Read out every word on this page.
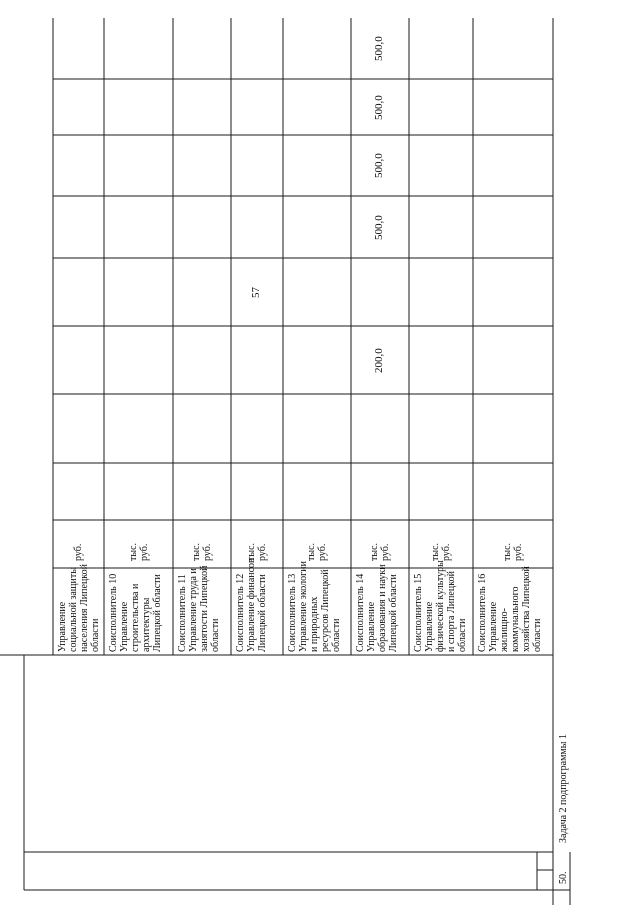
Управление социальной защиты населения Липецкой области
руб.
Соисполнитель 10 Управление строительства и архитектуры Липецкой области
тыс. руб.
Соисполнитель 11 Управление труда и занятости Липецкой области
тыс. руб.
Соисполнитель 12 Управление финансов Липецкой области
тыс. руб.
57
Соисполнитель 13 Управление экологии и природных ресурсов Липецкой области
тыс. руб.
Соисполнитель 14 Управление образования и науки Липецкой области
тыс. руб.
200,0
500,0
500,0
500,0
500,0
Соисполнитель 15 Управление физической культуры и спорта Липецкой области
тыс. руб.
Соисполнитель 16 Управление жилищно- коммунального хозяйства Липецкой области
тыс. руб.
50.
Задача 2 подпрограммы 1
